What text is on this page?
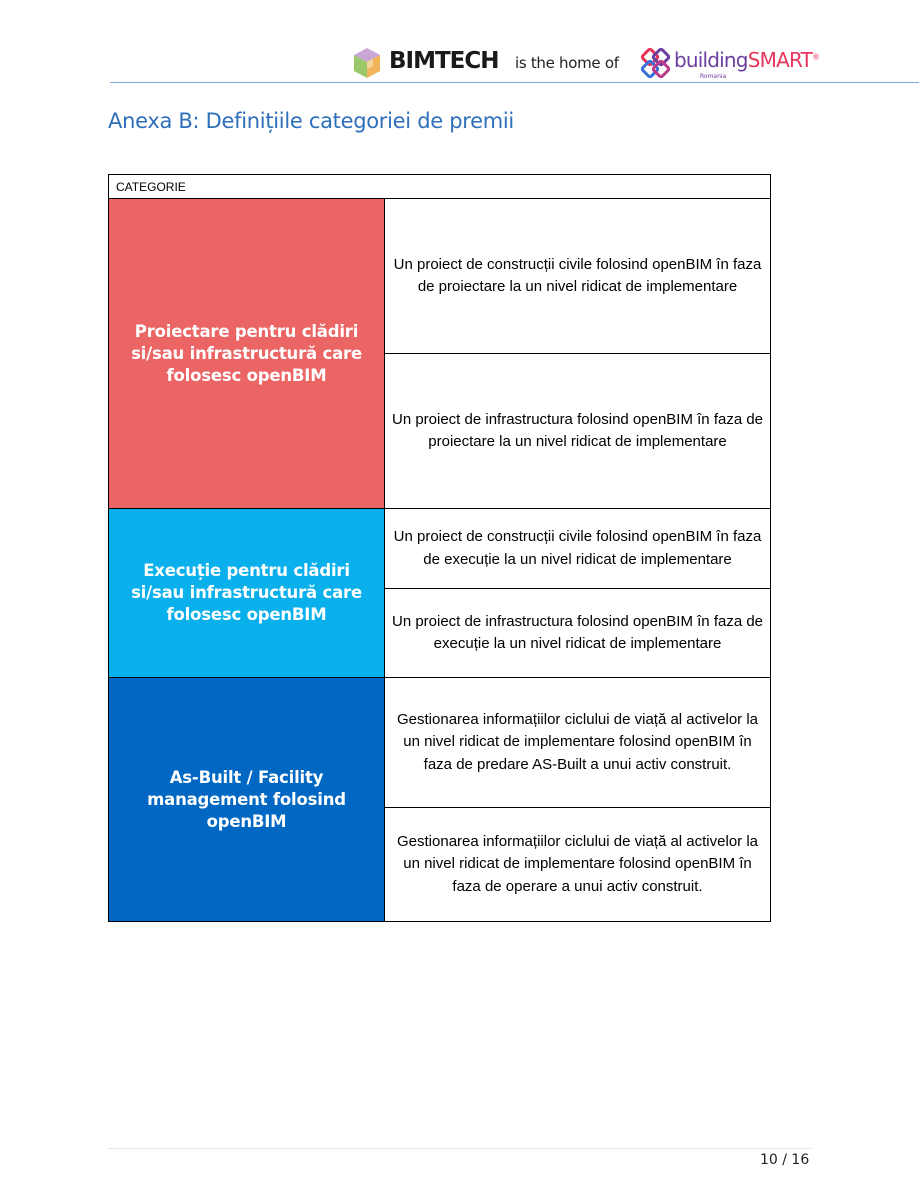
BIMTECH is the home of	buildingSMART®
Romania
Anexa B: Definițiile categoriei de premii
CATEGORIE	
Proiectare pentru clădiri si/sau infrastructură care folosesc openBIM	Un proiect de construcții civile folosind openBIM în faza de proiectare la un nivel ridicat de implementare
	Un proiect de infrastructura folosind openBIM în faza de proiectare la un nivel ridicat de implementare
Execuție pentru clădiri si/sau infrastructură care folosesc openBIM	Un proiect de construcții civile folosind openBIM în faza de execuție la un nivel ridicat de implementare
	Un proiect de infrastructura folosind openBIM în faza de execuție la un nivel ridicat de implementare
As-Built / Facility management folosind openBIM	Gestionarea informațiilor ciclului de viață al activelor la un nivel ridicat de implementare folosind openBIM în faza de predare AS-Built a unui activ construit.
	Gestionarea informațiilor ciclului de viață al activelor la un nivel ridicat de implementare folosind openBIM în faza de operare a unui activ construit.
10 / 16
